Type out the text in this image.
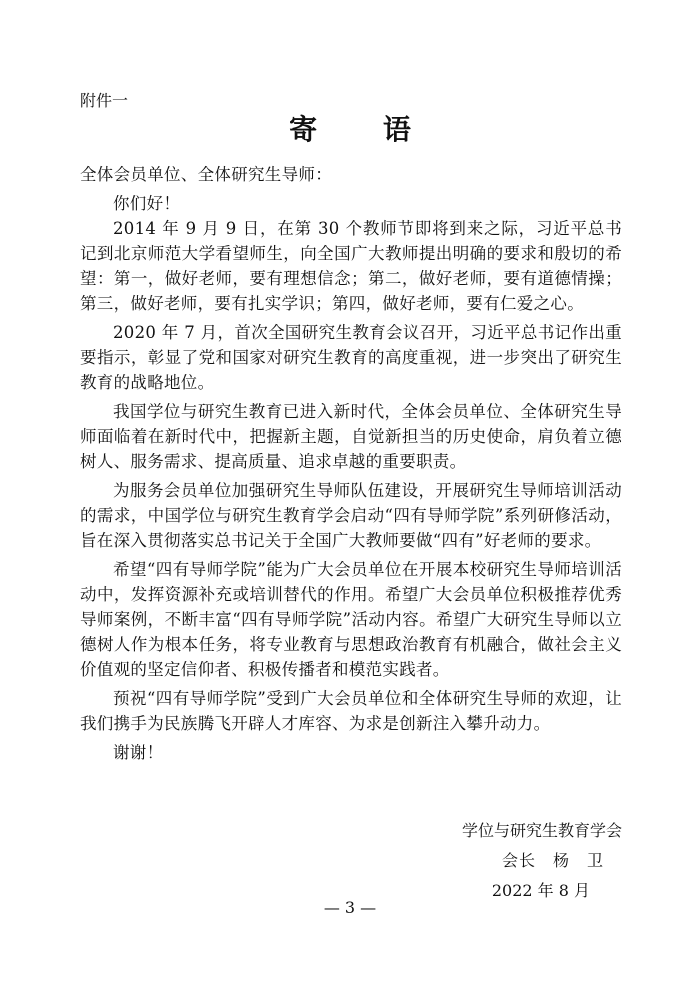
附件一
寄 语

全体会员单位、全体研究生导师：

你们好！

2014 年 9 月 9 日，在第 30 个教师节即将到来之际，习近平总书记到北京师范大学看望师生，向全国广大教师提出明确的要求和殷切的希望：第一，做好老师，要有理想信念；第二，做好老师，要有道德情操；第三，做好老师，要有扎实学识；第四，做好老师，要有仁爱之心。

2020 年 7 月，首次全国研究生教育会议召开，习近平总书记作出重要指示，彰显了党和国家对研究生教育的高度重视，进一步突出了研究生教育的战略地位。

我国学位与研究生教育已进入新时代，全体会员单位、全体研究生导师面临着在新时代中，把握新主题，自觉新担当的历史使命，肩负着立德树人、服务需求、提高质量、追求卓越的重要职责。

为服务会员单位加强研究生导师队伍建设，开展研究生导师培训活动的需求，中国学位与研究生教育学会启动“四有导师学院”系列研修活动，旨在深入贯彻落实总书记关于全国广大教师要做“四有”好老师的要求。

希望“四有导师学院”能为广大会员单位在开展本校研究生导师培训活动中，发挥资源补充或培训替代的作用。希望广大会员单位积极推荐优秀导师案例，不断丰富“四有导师学院”活动内容。希望广大研究生导师以立德树人作为根本任务，将专业教育与思想政治教育有机融合，做社会主义价值观的坚定信仰者、积极传播者和模范实践者。

预祝“四有导师学院”受到广大会员单位和全体研究生导师的欢迎，让我们携手为民族腾飞开辟人才库容、为求是创新注入攀升动力。

谢谢！

学位与研究生教育学会
会长　杨　卫
2022 年 8 月
— 3 —
